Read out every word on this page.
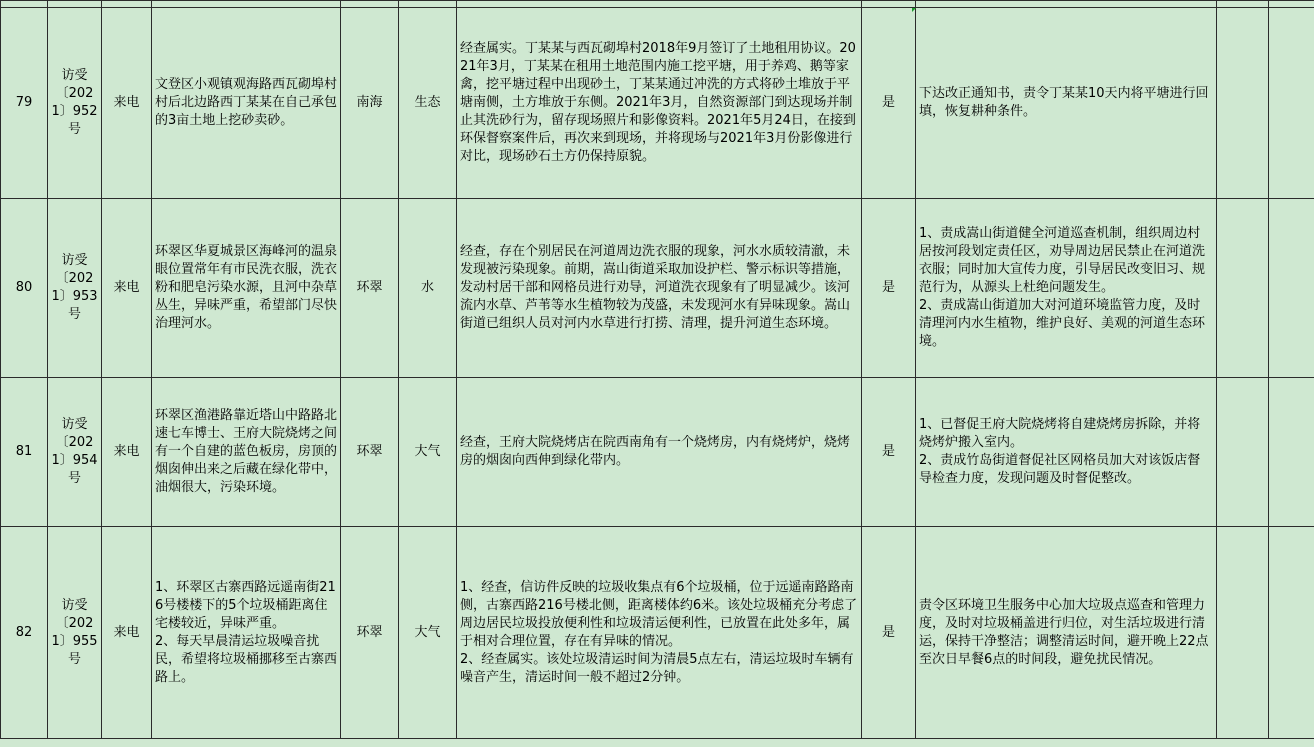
79	访受〔2021〕952号	来电	文登区小观镇观海路西瓦砌埠村村后北边路西丁某某在自己承包的3亩土地上挖砂卖砂。	南海	生态	经查属实。丁某某与西瓦砌埠村2018年9月签订了土地租用协议。2021年3月，丁某某在租用土地范围内施工挖平塘，用于养鸡、鹅等家禽，挖平塘过程中出现砂土，丁某某通过冲洗的方式将砂土堆放于平塘南侧，土方堆放于东侧。2021年3月，自然资源部门到达现场并制止其洗砂行为，留存现场照片和影像资料。2021年5月24日，在接到环保督察案件后，再次来到现场，并将现场与2021年3月份影像进行对比，现场砂石土方仍保持原貌。	是	下达改正通知书，责令丁某某10天内将平塘进行回填，恢复耕种条件。			
80	访受〔2021〕953号	来电	环翠区华夏城景区海峰河的温泉眼位置常年有市民洗衣服，洗衣粉和肥皂污染水源，且河中杂草丛生，异味严重，希望部门尽快治理河水。	环翠	水	经查，存在个别居民在河道周边洗衣服的现象，河水水质较清澈，未发现被污染现象。前期，嵩山街道采取加设护栏、警示标识等措施，发动村居干部和网格员进行劝导，河道洗衣现象有了明显减少。该河流内水草、芦苇等水生植物较为茂盛，未发现河水有异味现象。嵩山街道已组织人员对河内水草进行打捞、清理，提升河道生态环境。	是	1、责成嵩山街道健全河道巡查机制，组织周边村居按河段划定责任区，劝导周边居民禁止在河道洗衣服；同时加大宣传力度，引导居民改变旧习、规范行为，从源头上杜绝问题发生。
2、责成嵩山街道加大对河道环境监管力度，及时清理河内水生植物，维护良好、美观的河道生态环境。			
81	访受〔2021〕954号	来电	环翠区渔港路靠近塔山中路路北速七车博士、王府大院烧烤之间有一个自建的蓝色板房，房顶的烟囱伸出来之后藏在绿化带中，油烟很大，污染环境。	环翠	大气	经查，王府大院烧烤店在院西南角有一个烧烤房，内有烧烤炉，烧烤房的烟囱向西伸到绿化带内。	是	1、已督促王府大院烧烤将自建烧烤房拆除，并将烧烤炉搬入室内。
2、责成竹岛街道督促社区网格员加大对该饭店督导检查力度，发现问题及时督促整改。			
82	访受〔2021〕955号	来电	1、环翠区古寨西路远遥南街216号楼楼下的5个垃圾桶距离住宅楼较近，异味严重。
2、每天早晨清运垃圾噪音扰民，希望将垃圾桶挪移至古寨西路上。	环翠	大气	1、经查，信访件反映的垃圾收集点有6个垃圾桶，位于远遥南路路南侧，古寨西路216号楼北侧，距离楼体约6米。该处垃圾桶充分考虑了周边居民垃圾投放便利性和垃圾清运便利性，已放置在此处多年，属于相对合理位置，存在有异味的情况。
2、经查属实。该处垃圾清运时间为清晨5点左右，清运垃圾时车辆有噪音产生，清运时间一般不超过2分钟。	是	责令区环境卫生服务中心加大垃圾点巡查和管理力度，及时对垃圾桶盖进行归位，对生活垃圾进行清运，保持干净整洁；调整清运时间，避开晚上22点至次日早餐6点的时间段，避免扰民情况。			
